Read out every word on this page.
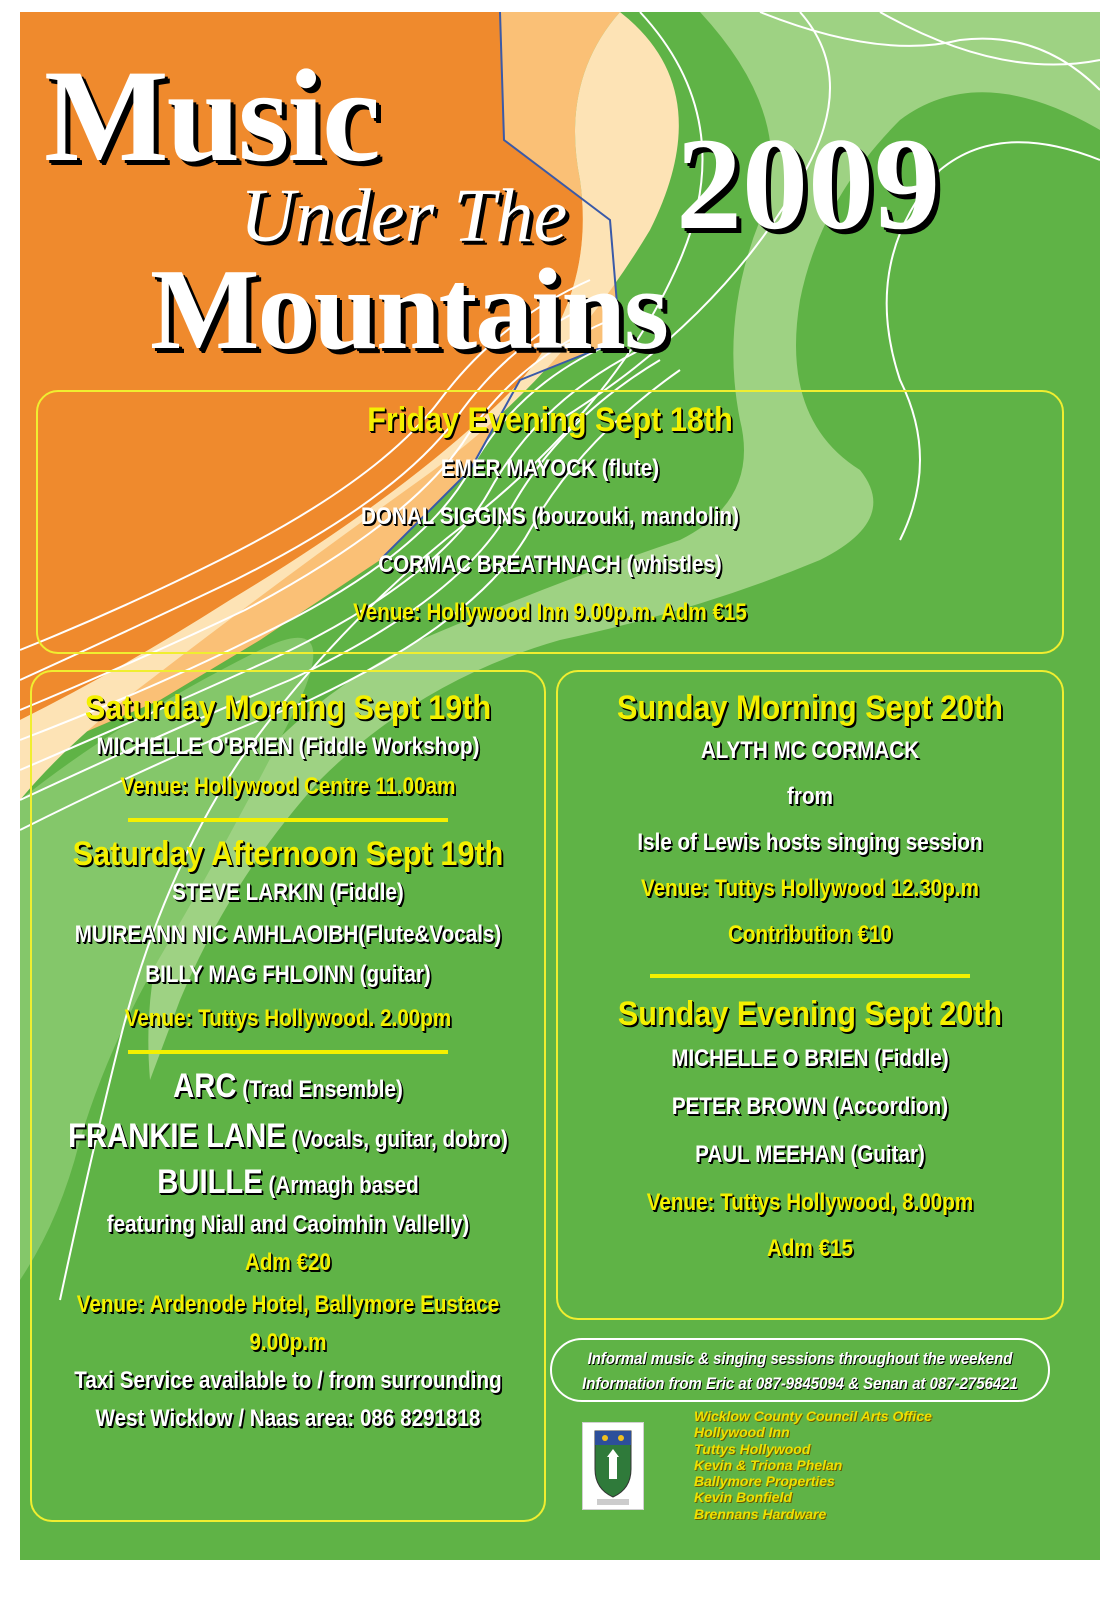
Music
Under The
Mountains
2009
Friday Evening Sept 18th
EMER MAYOCK (flute)
DONAL SIGGINS (bouzouki, mandolin)
CORMAC BREATHNACH (whistles)
Venue: Hollywood Inn 9.00p.m. Adm €15
Saturday Morning Sept 19th
MICHELLE O'BRIEN (Fiddle Workshop)
Venue: Hollywood Centre 11.00am
Saturday Afternoon Sept 19th
STEVE LARKIN (Fiddle)
MUIREANN NIC AMHLAOIBH(Flute&Vocals)
BILLY MAG FHLOINN (guitar)
Venue: Tuttys Hollywood. 2.00pm
ARC (Trad Ensemble)
FRANKIE LANE (Vocals, guitar, dobro)
BUILLE (Armagh based
featuring Niall and Caoimhin Vallelly)
Adm €20
Venue: Ardenode Hotel, Ballymore Eustace
9.00p.m
Taxi Service available to / from surrounding
West Wicklow / Naas area: 086 8291818
Sunday Morning Sept 20th
ALYTH MC CORMACK
from
Isle of Lewis hosts singing session
Venue: Tuttys Hollywood 12.30p.m
Contribution €10
Sunday Evening Sept 20th
MICHELLE O BRIEN (Fiddle)
PETER BROWN (Accordion)
PAUL MEEHAN (Guitar)
Venue: Tuttys Hollywood, 8.00pm
Adm €15
Informal music & singing sessions throughout the weekend
Information from Eric at 087-9845094 & Senan at 087-2756421
Wicklow County Council Arts Office
Hollywood Inn
Tuttys Hollywood
Kevin & Triona Phelan
Ballymore Properties
Kevin Bonfield
Brennans Hardware
